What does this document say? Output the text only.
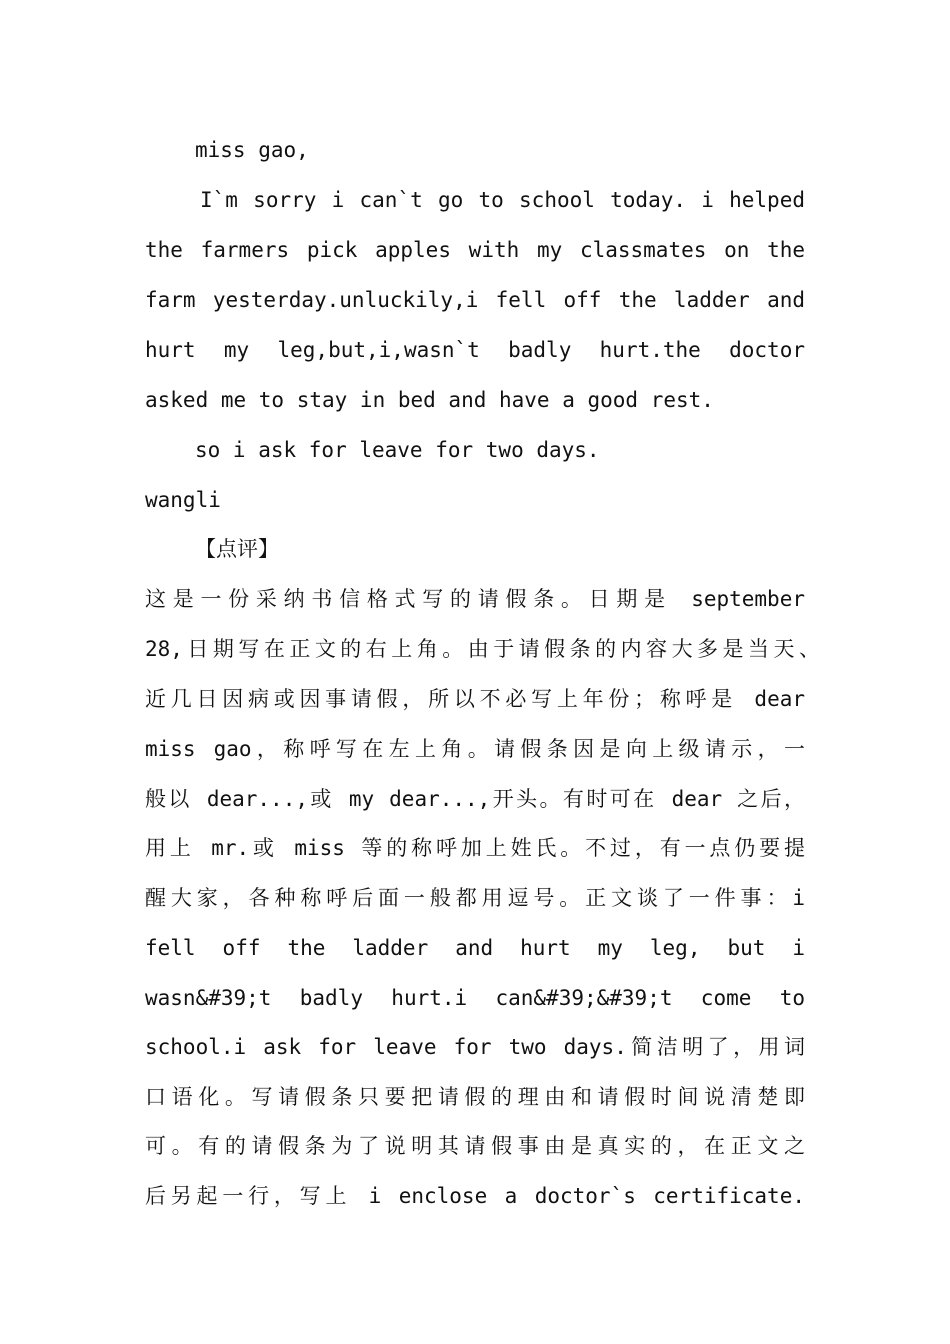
miss gao,
I`m sorry i can`t go to school today. i helped
the farmers pick apples with my classmates on the
farm yesterday.unluckily,i fell off the ladder and
hurt my leg,but,i,wasn`t badly hurt.the doctor
asked me to stay in bed and have a good rest.
so i ask for leave for two days.
wangli
【点评】
这是一份采纳书信格式写的请假条。日期是 september
28,日期写在正文的右上角。由于请假条的内容大多是当天、
近几日因病或因事请假，所以不必写上年份；称呼是 dear
miss gao，称呼写在左上角。请假条因是向上级请示，一
般以 dear...,或 my dear...,开头。有时可在 dear 之后，
用上 mr.或 miss 等的称呼加上姓氏。不过，有一点仍要提
醒大家，各种称呼后面一般都用逗号。正文谈了一件事：i
fell off the ladder and hurt my leg, but i
wasn&#39;t badly hurt.i can&#39;&#39;t come to
school.i ask for leave for two days.简洁明了，用词
口语化。写请假条只要把请假的理由和请假时间说清楚即
可。有的请假条为了说明其请假事由是真实的，在正文之
后另起一行，写上 i enclose a doctor`s certificate.
